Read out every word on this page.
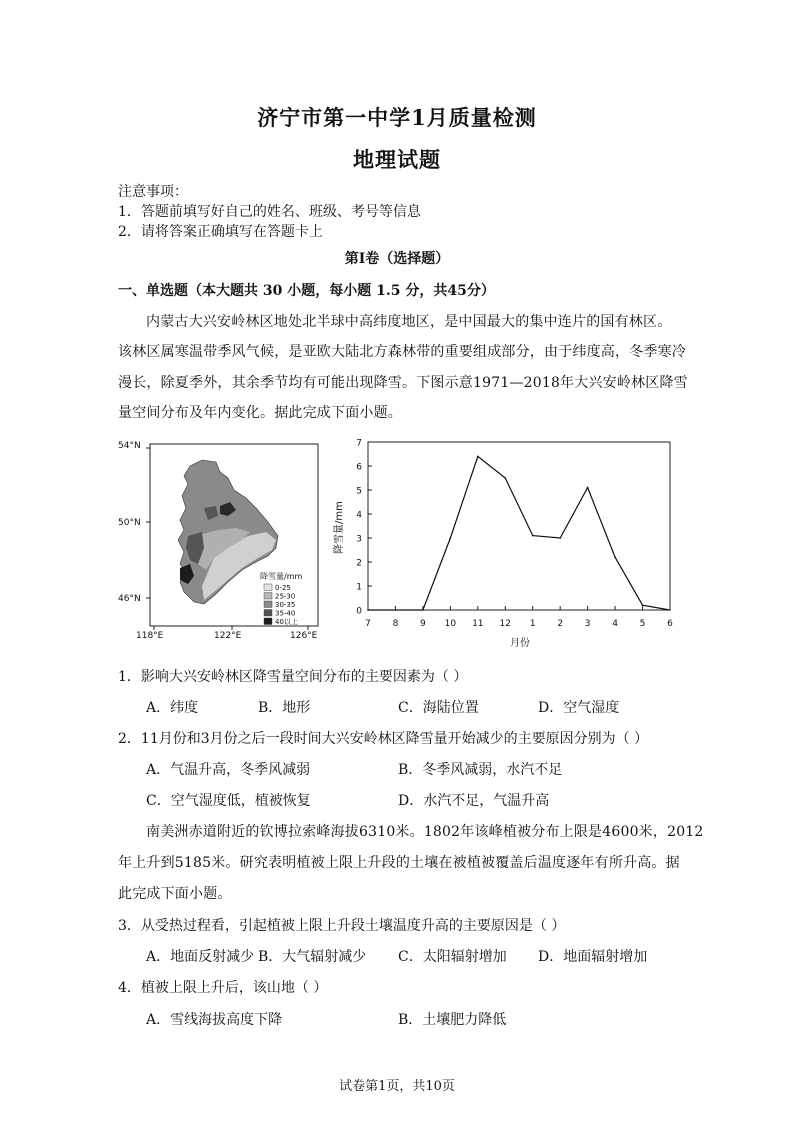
济宁市第一中学1月质量检测
地理试题
注意事项：
1．答题前填写好自己的姓名、班级、考号等信息
2．请将答案正确填写在答题卡上
第I卷（选择题）
一、单选题（本大题共 30 小题，每小题 1.5 分，共45分）
内蒙古大兴安岭林区地处北半球中高纬度地区，是中国最大的集中连片的国有林区。
该林区属寒温带季风气候，是亚欧大陆北方森林带的重要组成部分，由于纬度高，冬季寒冷
漫长，除夏季外，其余季节均有可能出现降雪。下图示意1971—2018年大兴安岭林区降雪
量空间分布及年内变化。据此完成下面小题。
降雪量/mm
0-25
25-30
30-35
35-40
40以上
54°N
50°N
46°N
118°E	122°E	126°E
0
1
2
3
4
5
6
7
7 8 9 10 11 12 1 2 3 4 5 6
降雪量/mm
月份
1．影响大兴安岭林区降雪量空间分布的主要因素为（ ）
A．纬度	B．地形	C．海陆位置	D．空气湿度
2．11月份和3月份之后一段时间大兴安岭林区降雪量开始减少的主要原因分别为（ ）
A．气温升高，冬季风减弱	B．冬季风减弱，水汽不足
C．空气湿度低，植被恢复	D．水汽不足，气温升高
南美洲赤道附近的钦博拉索峰海拔6310米。1802年该峰植被分布上限是4600米，2012
年上升到5185米。研究表明植被上限上升段的土壤在被植被覆盖后温度逐年有所升高。据
此完成下面小题。
3．从受热过程看，引起植被上限上升段土壤温度升高的主要原因是（ ）
A．地面反射减少 B．大气辐射减少 C．太阳辐射增加 D．地面辐射增加
4．植被上限上升后，该山地（ ）
A．雪线海拔高度下降	B．土壤肥力降低
试卷第1页，共10页
